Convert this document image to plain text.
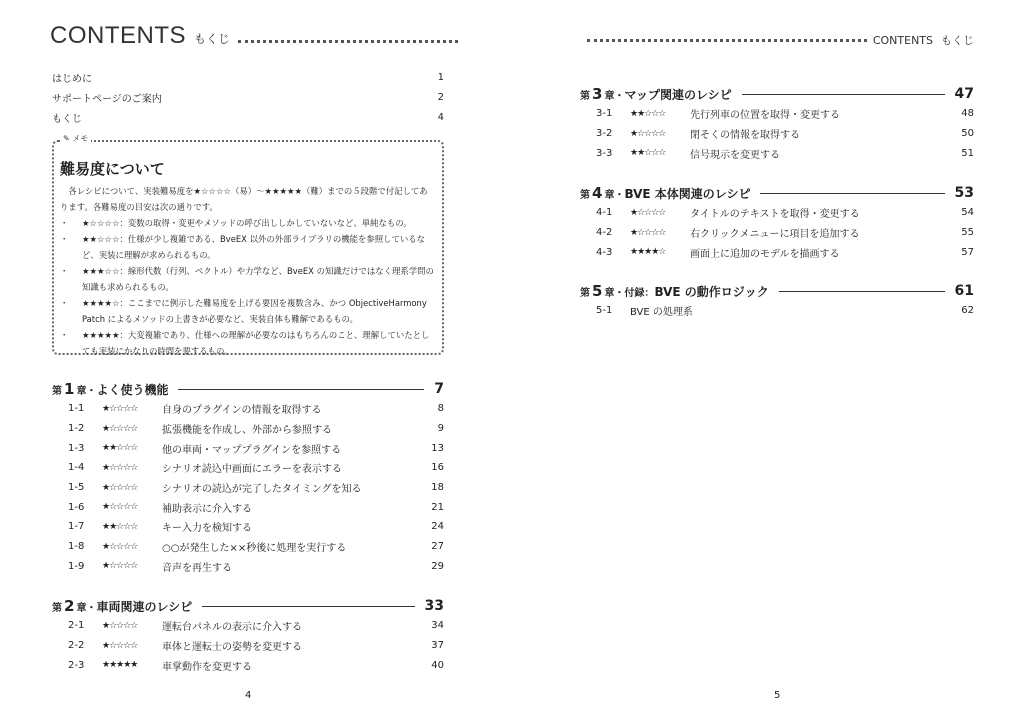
CONTENTS もくじ
はじめに	1
サポートページのご案内	2
もくじ	4
✎ メモ
難易度について

各レシピについて、実装難易度を★☆☆☆☆（易）～★★★★★（難）までの５段階で付記してあります。各難易度の目安は次の通りです。

・ ★☆☆☆☆：変数の取得・変更やメソッドの呼び出ししかしていないなど、単純なもの。
・ ★★☆☆☆：仕様が少し複雑である、BveEX 以外の外部ライブラリの機能を参照しているなど、実装に理解が求められるもの。
・ ★★★☆☆：線形代数（行列、ベクトル）や力学など、BveEX の知識だけではなく理系学問の知識も求められるもの。
・ ★★★★☆：ここまでに例示した難易度を上げる要因を複数含み、かつ ObjectiveHarmony Patch によるメソッドの上書きが必要など、実装自体も難解であるもの。
・ ★★★★★：大変複雑であり、仕様への理解が必要なのはもちろんのこと、理解していたとしても実装にかなりの時間を要するもの。
第 1 章・ よく使う機能	7
1-1	★☆☆☆☆	自身のプラグインの情報を取得する	8
1-2	★☆☆☆☆	拡張機能を作成し、外部から参照する	9
1-3	★★☆☆☆	他の車両・マッププラグインを参照する	13
1-4	★☆☆☆☆	シナリオ読込中画面にエラーを表示する	16
1-5	★☆☆☆☆	シナリオの読込が完了したタイミングを知る	18
1-6	★☆☆☆☆	補助表示に介入する	21
1-7	★★☆☆☆	キー入力を検知する	24
1-8	★☆☆☆☆	○○が発生した××秒後に処理を実行する	27
1-9	★☆☆☆☆	音声を再生する	29
第 2 章・ 車両関連のレシピ	33
2-1	★☆☆☆☆	運転台パネルの表示に介入する	34
2-2	★☆☆☆☆	車体と運転士の姿勢を変更する	37
2-3	★★★★★	車掌動作を変更する	40
4
CONTENTS もくじ
第 3 章・ マップ関連のレシピ	47
3-1	★★☆☆☆	先行列車の位置を取得・変更する	48
3-2	★☆☆☆☆	閉そくの情報を取得する	50
3-3	★★☆☆☆	信号現示を変更する	51
第 4 章・ BVE 本体関連のレシピ	53
4-1	★☆☆☆☆	タイトルのテキストを取得・変更する	54
4-2	★☆☆☆☆	右クリックメニューに項目を追加する	55
4-3	★★★★☆	画面上に追加のモデルを描画する	57
第 5 章・付録： BVE の動作ロジック	61
5-1	BVE の処理系	62
5
